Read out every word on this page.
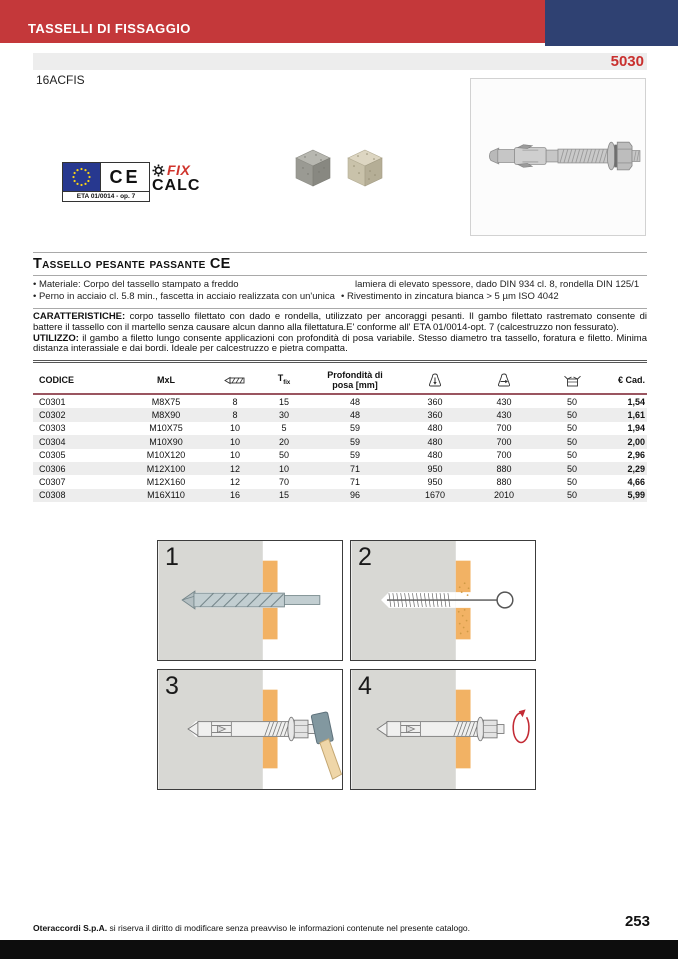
TASSELLI DI FISSAGGIO
5030
16ACFIS
CE
ETA 01/0014 - op. 7
FIX
CALC
Tassello pesante passante CE
• Materiale: Corpo del tassello stampato a freddo
• Perno in acciaio cl. 5.8 min., fascetta in acciaio realizzata con un'unica
lamiera di elevato spessore, dado DIN 934 cl. 8, rondella DIN 125/1
• Rivestimento in zincatura bianca > 5 µm ISO 4042
CARATTERISTICHE: corpo tassello filettato con dado e rondella, utilizzato per ancoraggi pesanti. Il gambo filettato rastremato consente di battere il tassello con il martello senza causare alcun danno alla filettatura.E' conforme all' ETA 01/0014-opt. 7 (calcestruzzo non fessurato).
UTILIZZO: il gambo a filetto lungo consente applicazioni con profondità di posa variabile. Stesso diametro tra tassello, foratura e filetto. Minima distanza interassiale e dai bordi. Ideale per calcestruzzo e pietra compatta.
CODICE	MxL		$T_{fix}$	Profondità di
posa [mm]				€ Cad.
C0301	M8X75	8	15	48	360	430	50	1,54
C0302	M8X90	8	30	48	360	430	50	1,61
C0303	M10X75	10	5	59	480	700	50	1,94
C0304	M10X90	10	20	59	480	700	50	2,00
C0305	M10X120	10	50	59	480	700	50	2,96
C0306	M12X100	12	10	71	950	880	50	2,29
C0307	M12X160	12	70	71	950	880	50	4,66
C0308	M16X110	16	15	96	1670	2010	50	5,99
1	2
3	4
Oteraccordi S.p.A. si riserva il diritto di modificare senza preavviso le informazioni contenute nel presente catalogo.	253
